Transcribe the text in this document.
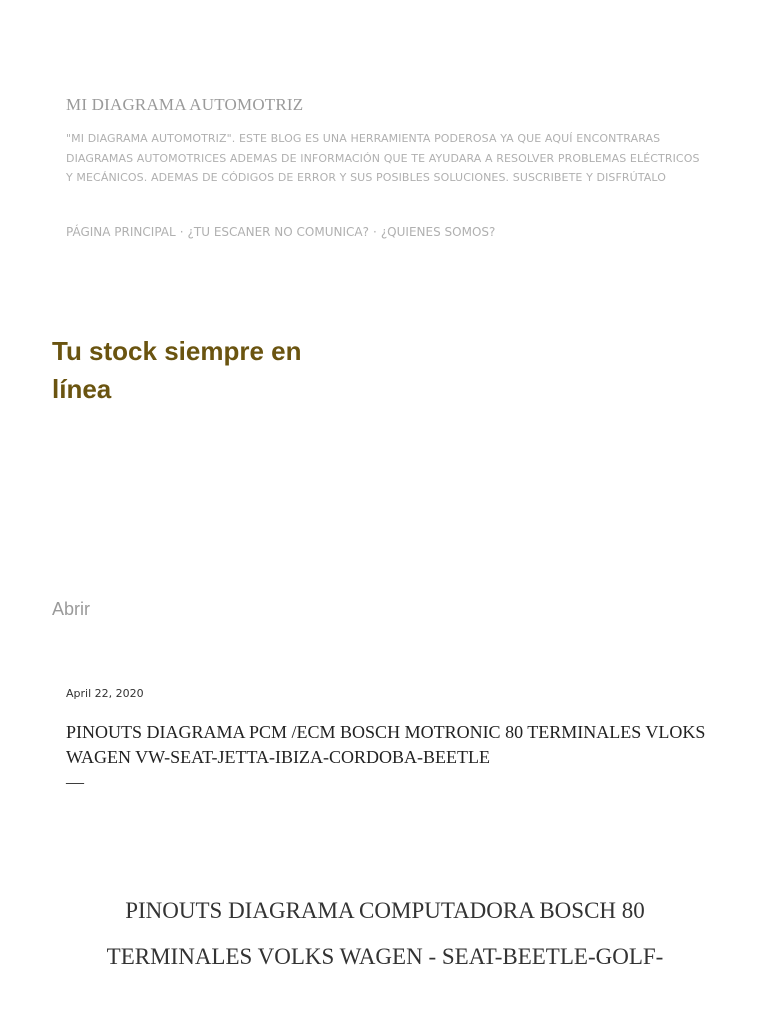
MI DIAGRAMA AUTOMOTRIZ

"MI DIAGRAMA AUTOMOTRIZ". ESTE BLOG ES UNA HERRAMIENTA PODEROSA YA QUE AQUÍ ENCONTRARAS DIAGRAMAS AUTOMOTRICES ADEMAS DE INFORMACIÓN QUE TE AYUDARA A RESOLVER PROBLEMAS ELÉCTRICOS Y MECÁNICOS. ADEMAS DE CÓDIGOS DE ERROR Y SUS POSIBLES SOLUCIONES. SUSCRIBETE Y DISFRÚTALO

PÁGINA PRINCIPAL · ¿TU ESCANER NO COMUNICA? · ¿QUIENES SOMOS?
Tu stock siempre en línea
Abrir
April 22, 2020
PINOUTS DIAGRAMA PCM /ECM BOSCH MOTRONIC 80 TERMINALES VLOKS WAGEN VW-SEAT-JETTA-IBIZA-CORDOBA-BEETLE
—
PINOUTS DIAGRAMA COMPUTADORA BOSCH 80 TERMINALES VOLKS WAGEN - SEAT-BEETLE-GOLF-
